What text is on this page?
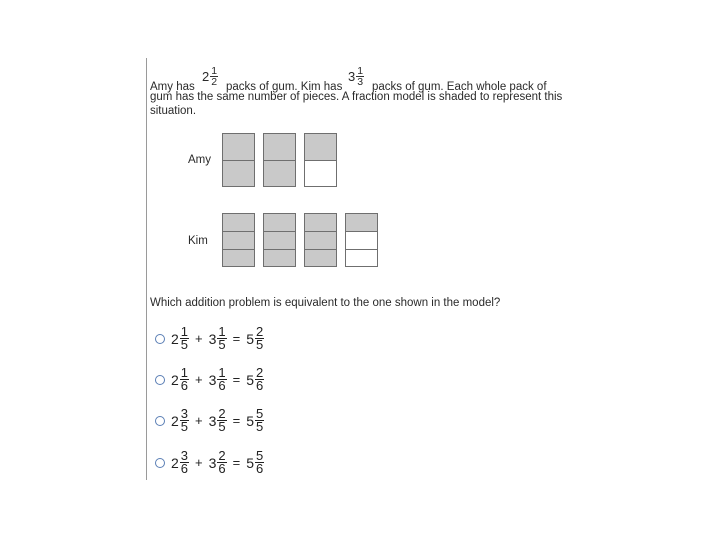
Amy has
$2 \frac{1}{2}$ packs of gum. Kim has
$3 \frac{1}{3}$ packs of gum. Each whole pack of
gum has the same number of pieces. A fraction model is shaded to represent this
situation.
Amy
Kim
Which addition problem is equivalent to the one shown in the model?
$2 \frac{1}{5} + 3 \frac{1}{5} = 5 \frac{2}{5}$
$2 \frac{1}{6} + 3 \frac{1}{6} = 5 \frac{2}{6}$
$2 \frac{3}{5} + 3 \frac{2}{5} = 5 \frac{5}{5}$
$2 \frac{3}{6} + 3 \frac{2}{6} = 5 \frac{5}{6}$
